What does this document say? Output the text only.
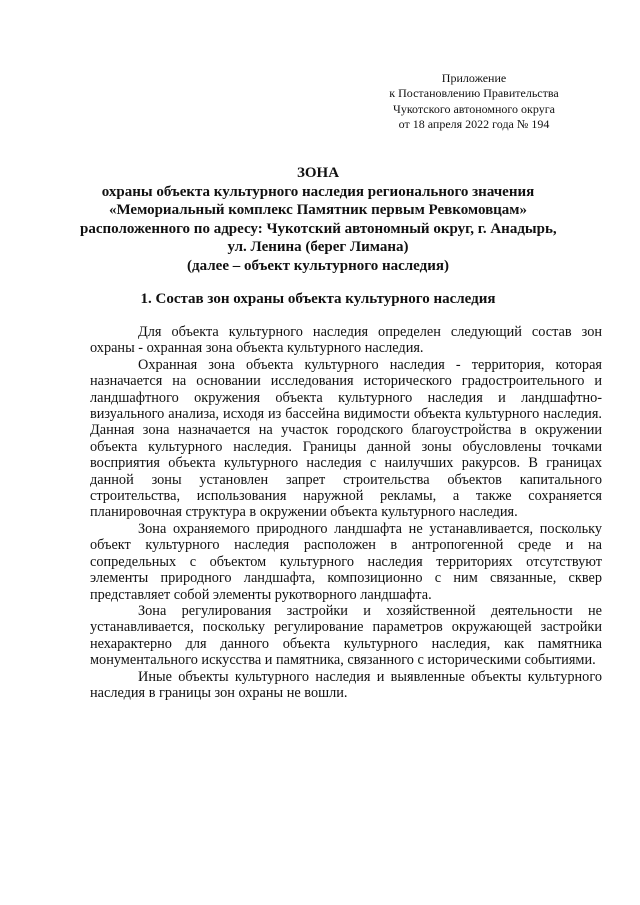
Приложение
к Постановлению Правительства
Чукотского автономного округа
от 18 апреля 2022 года № 194
ЗОНА
охраны объекта культурного наследия регионального значения
«Мемориальный комплекс Памятник первым Ревкомовцам»
расположенного по адресу: Чукотский автономный округ, г. Анадырь,
ул. Ленина (берег Лимана)
(далее – объект культурного наследия)
1. Состав зон охраны объекта культурного наследия

Для объекта культурного наследия определен следующий состав зон охраны - охранная зона объекта культурного наследия.

Охранная зона объекта культурного наследия - территория, которая назначается на основании исследования исторического градостроительного и ландшафтного окружения объекта культурного наследия и ландшафтно-визуального анализа, исходя из бассейна видимости объекта культурного наследия. Данная зона назначается на участок городского благоустройства в окружении объекта культурного наследия. Границы данной зоны обусловлены точками восприятия объекта культурного наследия с наилучших ракурсов. В границах данной зоны установлен запрет строительства объектов капитального строительства, использования наружной рекламы, а также сохраняется планировочная структура в окружении объекта культурного наследия.

Зона охраняемого природного ландшафта не устанавливается, поскольку объект культурного наследия расположен в антропогенной среде и на сопредельных с объектом культурного наследия территориях отсутствуют элементы природного ландшафта, композиционно с ним связанные, сквер представляет собой элементы рукотворного ландшафта.

Зона регулирования застройки и хозяйственной деятельности не устанавливается, поскольку регулирование параметров окружающей застройки нехарактерно для данного объекта культурного наследия, как памятника монументального искусства и памятника, связанного с историческими событиями.

Иные объекты культурного наследия и выявленные объекты культурного наследия в границы зон охраны не вошли.
